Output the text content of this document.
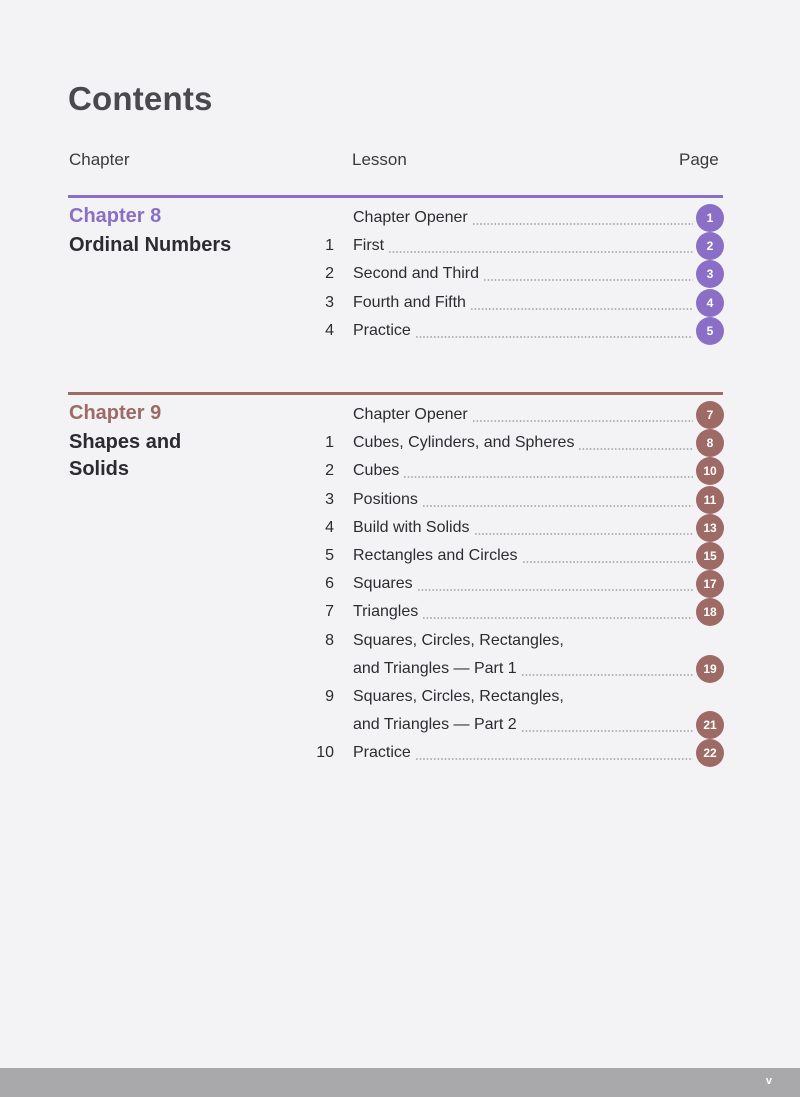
Contents
Chapter	Lesson	Page
Chapter 8
Ordinal Numbers
Chapter Opener	1
1 First	2
2 Second and Third	3
3 Fourth and Fifth	4
4 Practice	5
Chapter 9
Shapes and
Solids
Chapter Opener	7
1 Cubes, Cylinders, and Spheres	8
2 Cubes	10
3 Positions	11
4 Build with Solids	13
5 Rectangles and Circles	15
6 Squares	17
7 Triangles	18
8 Squares, Circles, Rectangles,
and Triangles — Part 1	19
9 Squares, Circles, Rectangles,
and Triangles — Part 2	21
10 Practice	22
v
